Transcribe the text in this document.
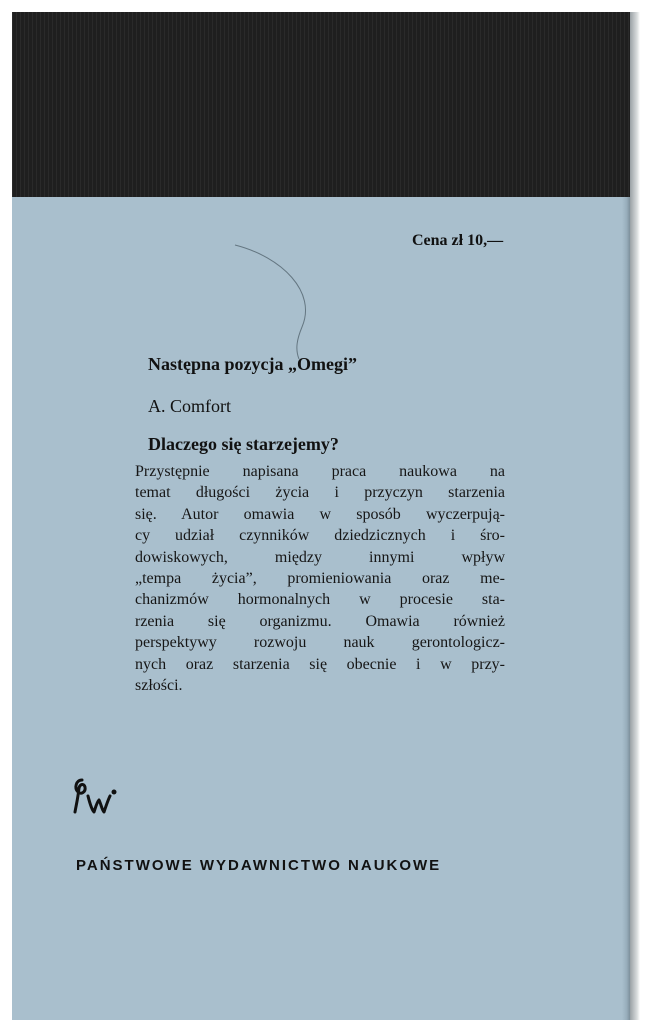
Cena zł 10,—
Następna pozycja „Omegi”
A. Comfort
Dlaczego się starzejemy?
Przystępnie napisana praca naukowa na
temat długości życia i przyczyn starzenia
się. Autor omawia w sposób wyczerpują-
cy udział czynników dziedzicznych i śro-
dowiskowych, między innymi wpływ
„tempa życia”, promieniowania oraz me-
chanizmów hormonalnych w procesie sta-
rzenia się organizmu. Omawia również
perspektywy rozwoju nauk gerontologicz-
nych oraz starzenia się obecnie i w przy-
szłości.
PAŃSTWOWE WYDAWNICTWO NAUKOWE
